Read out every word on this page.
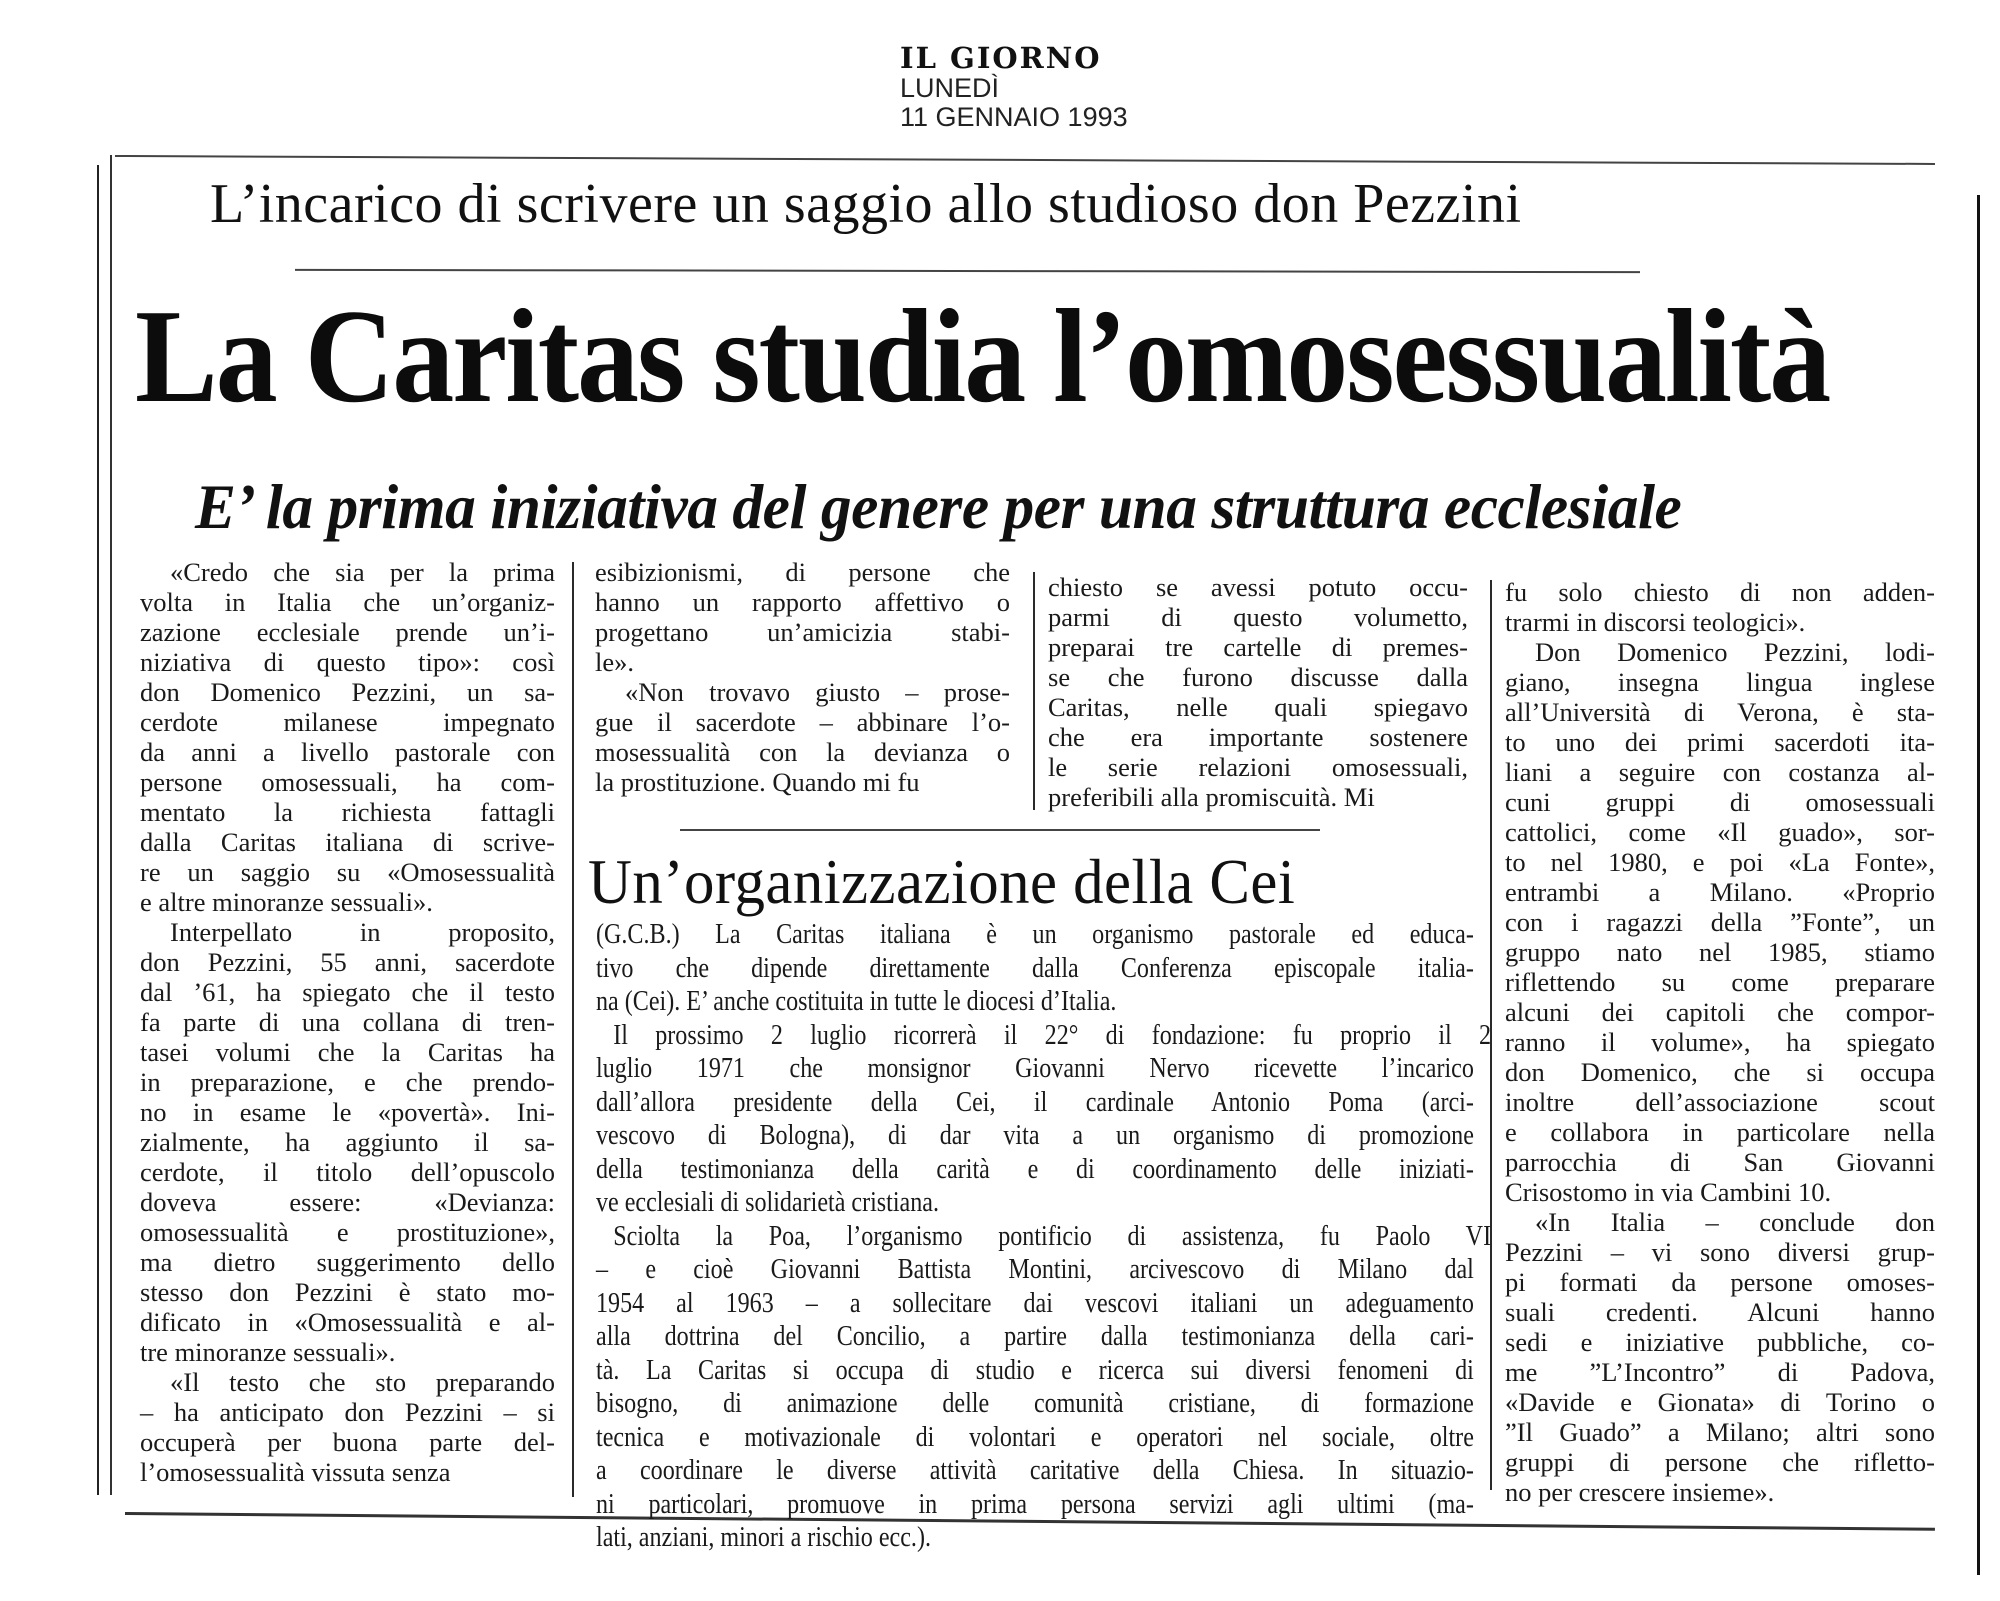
IL GIORNO
LUNEDÌ
11 GENNAIO 1993
L’incarico di scrivere un saggio allo studioso don Pezzini
La Caritas studia l’omosessualità
E’ la prima iniziativa del genere per una struttura ecclesiale
«Credo che sia per la prima
volta in Italia che un’organiz-
zazione ecclesiale prende un’i-
niziativa di questo tipo»: così
don Domenico Pezzini, un sa-
cerdote milanese impegnato
da anni a livello pastorale con
persone omosessuali, ha com-
mentato la richiesta fattagli
dalla Caritas italiana di scrive-
re un saggio su «Omosessualità
e altre minoranze sessuali».
Interpellato in proposito,
don Pezzini, 55 anni, sacerdote
dal ’61, ha spiegato che il testo
fa parte di una collana di tren-
tasei volumi che la Caritas ha
in preparazione, e che prendo-
no in esame le «povertà». Ini-
zialmente, ha aggiunto il sa-
cerdote, il titolo dell’opuscolo
doveva essere: «Devianza:
omosessualità e prostituzione»,
ma dietro suggerimento dello
stesso don Pezzini è stato mo-
dificato in «Omosessualità e al-
tre minoranze sessuali».
«Il testo che sto preparando
– ha anticipato don Pezzini – si
occuperà per buona parte del-
l’omosessualità vissuta senza
esibizionismi, di persone che
hanno un rapporto affettivo o
progettano un’amicizia stabi-
le».
«Non trovavo giusto – prose-
gue il sacerdote – abbinare l’o-
mosessualità con la devianza o
la prostituzione. Quando mi fu
chiesto se avessi potuto occu-
parmi di questo volumetto,
preparai tre cartelle di premes-
se che furono discusse dalla
Caritas, nelle quali spiegavo
che era importante sostenere
le serie relazioni omosessuali,
preferibili alla promiscuità. Mi
fu solo chiesto di non adden-
trarmi in discorsi teologici».
Don Domenico Pezzini, lodi-
giano, insegna lingua inglese
all’Università di Verona, è sta-
to uno dei primi sacerdoti ita-
liani a seguire con costanza al-
cuni gruppi di omosessuali
cattolici, come «Il guado», sor-
to nel 1980, e poi «La Fonte»,
entrambi a Milano. «Proprio
con i ragazzi della ”Fonte”, un
gruppo nato nel 1985, stiamo
riflettendo su come preparare
alcuni dei capitoli che compor-
ranno il volume», ha spiegato
don Domenico, che si occupa
inoltre dell’associazione scout
e collabora in particolare nella
parrocchia di San Giovanni
Crisostomo in via Cambini 10.
«In Italia – conclude don
Pezzini – vi sono diversi grup-
pi formati da persone omoses-
suali credenti. Alcuni hanno
sedi e iniziative pubbliche, co-
me ”L’Incontro” di Padova,
«Davide e Gionata» di Torino o
”Il Guado” a Milano; altri sono
gruppi di persone che rifletto-
no per crescere insieme».
Un’organizzazione della Cei
(G.C.B.) La Caritas italiana è un organismo pastorale ed educa-
tivo che dipende direttamente dalla Conferenza episcopale italia-
na (Cei). E’ anche costituita in tutte le diocesi d’Italia.
Il prossimo 2 luglio ricorrerà il 22° di fondazione: fu proprio il 2
luglio 1971 che monsignor Giovanni Nervo ricevette l’incarico
dall’allora presidente della Cei, il cardinale Antonio Poma (arci-
vescovo di Bologna), di dar vita a un organismo di promozione
della testimonianza della carità e di coordinamento delle iniziati-
ve ecclesiali di solidarietà cristiana.
Sciolta la Poa, l’organismo pontificio di assistenza, fu Paolo VI
– e cioè Giovanni Battista Montini, arcivescovo di Milano dal
1954 al 1963 – a sollecitare dai vescovi italiani un adeguamento
alla dottrina del Concilio, a partire dalla testimonianza della cari-
tà. La Caritas si occupa di studio e ricerca sui diversi fenomeni di
bisogno, di animazione delle comunità cristiane, di formazione
tecnica e motivazionale di volontari e operatori nel sociale, oltre
a coordinare le diverse attività caritative della Chiesa. In situazio-
ni particolari, promuove in prima persona servizi agli ultimi (ma-
lati, anziani, minori a rischio ecc.).
